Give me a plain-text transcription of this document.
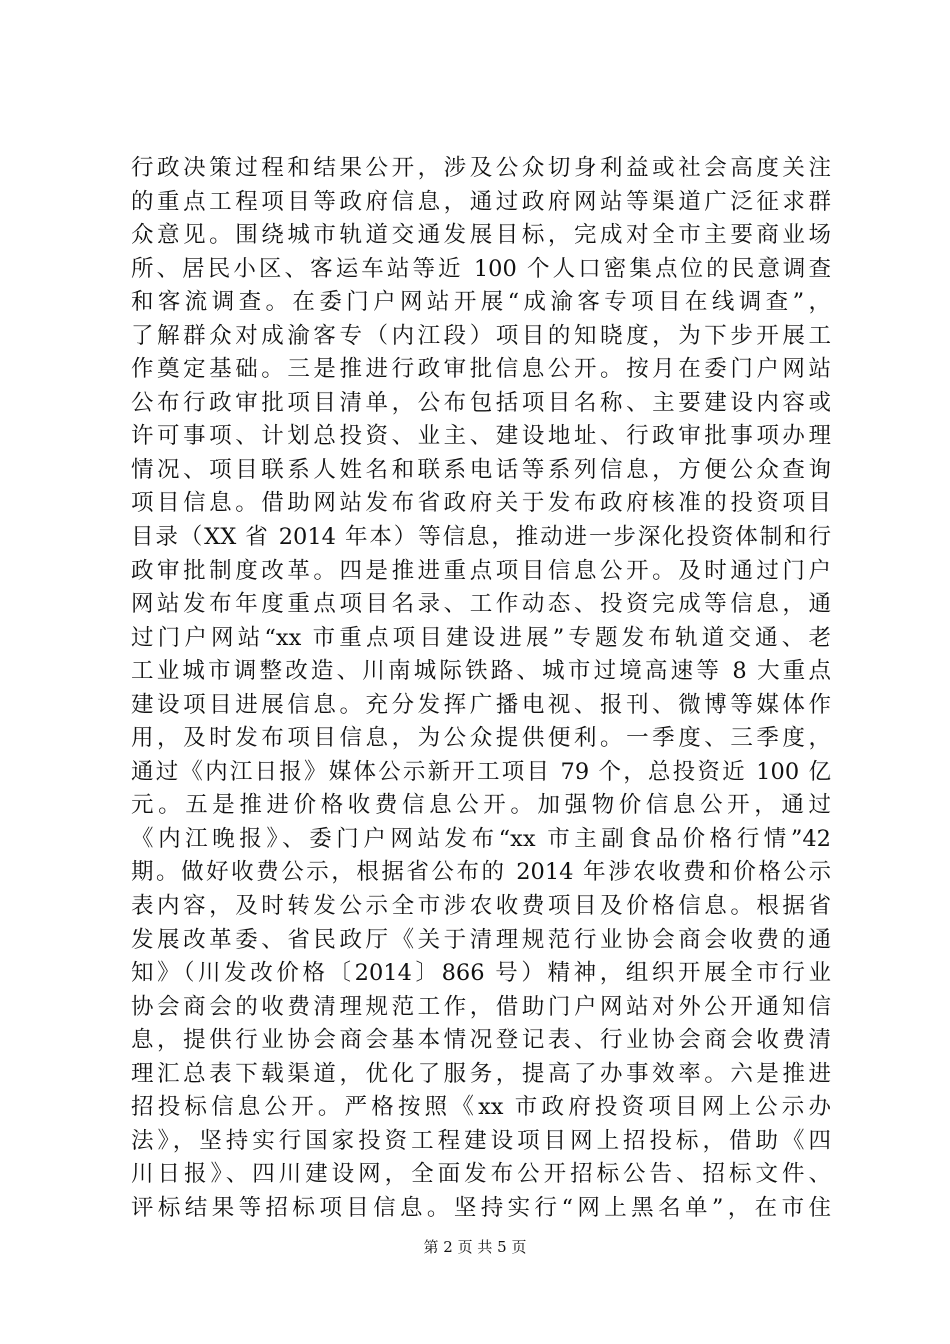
行政决策过程和结果公开，涉及公众切身利益或社会高度关注
的重点工程项目等政府信息，通过政府网站等渠道广泛征求群
众意见。围绕城市轨道交通发展目标，完成对全市主要商业场
所、居民小区、客运车站等近 100 个人口密集点位的民意调查
和客流调查。在委门户网站开展“成渝客专项目在线调查”，
了解群众对成渝客专（内江段）项目的知晓度，为下步开展工
作奠定基础。三是推进行政审批信息公开。按月在委门户网站
公布行政审批项目清单，公布包括项目名称、主要建设内容或
许可事项、计划总投资、业主、建设地址、行政审批事项办理
情况、项目联系人姓名和联系电话等系列信息，方便公众查询
项目信息。借助网站发布省政府关于发布政府核准的投资项目
目录（XX 省 2014 年本）等信息，推动进一步深化投资体制和行
政审批制度改革。四是推进重点项目信息公开。及时通过门户
网站发布年度重点项目名录、工作动态、投资完成等信息，通
过门户网站“xx 市重点项目建设进展”专题发布轨道交通、老
工业城市调整改造、川南城际铁路、城市过境高速等 8 大重点
建设项目进展信息。充分发挥广播电视、报刊、微博等媒体作
用，及时发布项目信息，为公众提供便利。一季度、三季度，
通过《内江日报》媒体公示新开工项目 79 个，总投资近 100 亿
元。五是推进价格收费信息公开。加强物价信息公开，通过
《内江晚报》、委门户网站发布“xx 市主副食品价格行情”42
期。做好收费公示，根据省公布的 2014 年涉农收费和价格公示
表内容，及时转发公示全市涉农收费项目及价格信息。根据省
发展改革委、省民政厅《关于清理规范行业协会商会收费的通
知》（川发改价格〔2014〕866 号）精神，组织开展全市行业
协会商会的收费清理规范工作，借助门户网站对外公开通知信
息，提供行业协会商会基本情况登记表、行业协会商会收费清
理汇总表下载渠道，优化了服务，提高了办事效率。六是推进
招投标信息公开。严格按照《xx 市政府投资项目网上公示办
法》，坚持实行国家投资工程建设项目网上招投标，借助《四
川日报》、四川建设网，全面发布公开招标公告、招标文件、
评标结果等招标项目信息。坚持实行“网上黑名单”，在市住
第 2 页 共 5 页
